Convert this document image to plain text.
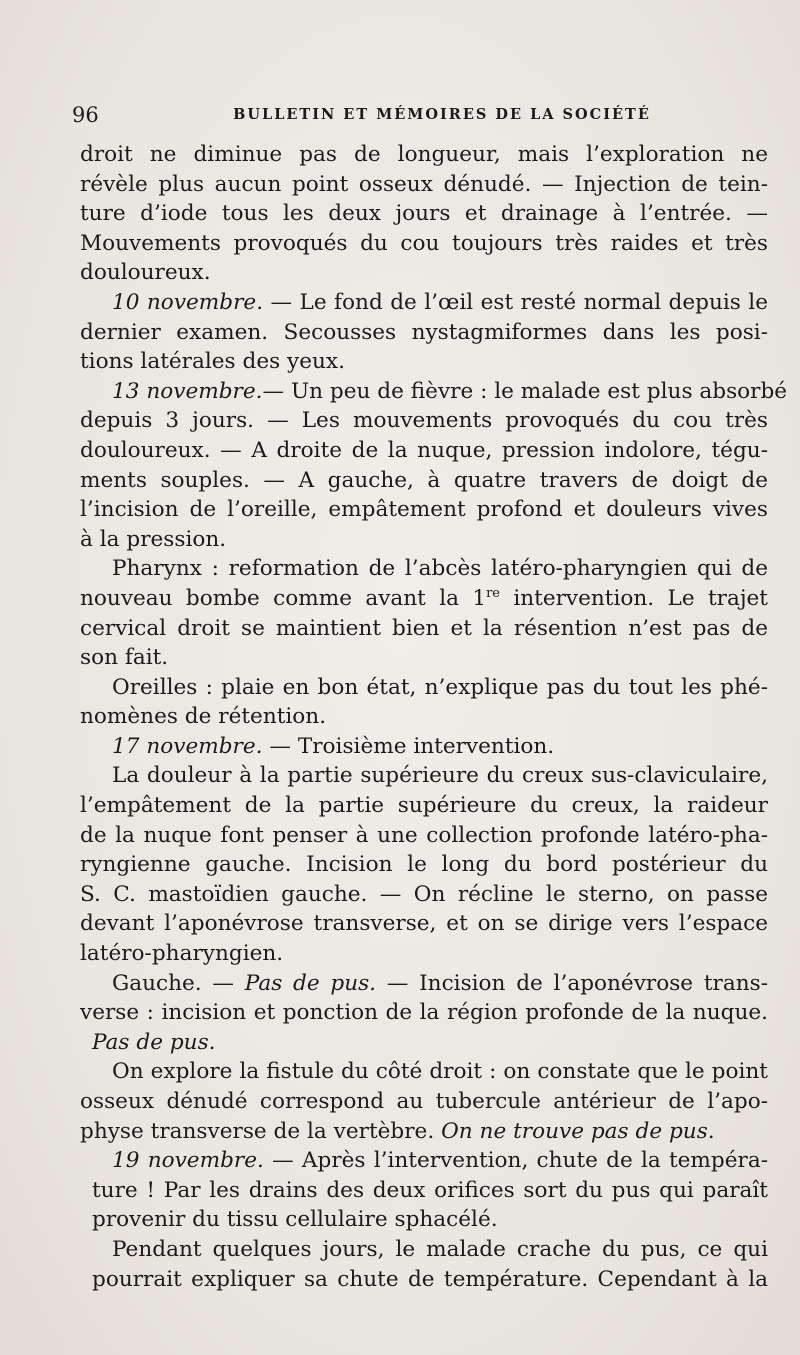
96	BULLETIN ET MÉMOIRES DE LA SOCIÉTÉ
droit ne diminue pas de longueur, mais l’exploration ne
révèle plus aucun point osseux dénudé. — Injection de tein-
ture d’iode tous les deux jours et drainage à l’entrée. —
Mouvements provoqués du cou toujours très raides et très
douloureux.
10 novembre. — Le fond de l’œil est resté normal depuis le
dernier examen. Secousses nystagmiformes dans les posi-
tions latérales des yeux.
13 novembre.— Un peu de fièvre : le malade est plus absorbé
depuis 3 jours. — Les mouvements provoqués du cou très
douloureux. — A droite de la nuque, pression indolore, tégu-
ments souples. — A gauche, à quatre travers de doigt de
l’incision de l’oreille, empâtement profond et douleurs vives
à la pression.
Pharynx : reformation de l’abcès latéro-pharyngien qui de
nouveau bombe comme avant la 1re intervention. Le trajet
cervical droit se maintient bien et la résention n’est pas de
son fait.
Oreilles : plaie en bon état, n’explique pas du tout les phé-
nomènes de rétention.
17 novembre. — Troisième intervention.
La douleur à la partie supérieure du creux sus-claviculaire,
l’empâtement de la partie supérieure du creux, la raideur
de la nuque font penser à une collection profonde latéro-pha-
ryngienne gauche. Incision le long du bord postérieur du
S. C. mastoïdien gauche. — On récline le sterno, on passe
devant l’aponévrose transverse, et on se dirige vers l’espace
latéro-pharyngien.
Gauche. — Pas de pus. — Incision de l’aponévrose trans-
verse : incision et ponction de la région profonde de la nuque.
Pas de pus.
On explore la fistule du côté droit : on constate que le point
osseux dénudé correspond au tubercule antérieur de l’apo-
physe transverse de la vertèbre. On ne trouve pas de pus.
19 novembre. — Après l’intervention, chute de la tempéra-
ture ! Par les drains des deux orifices sort du pus qui paraît
provenir du tissu cellulaire sphacélé.
Pendant quelques jours, le malade crache du pus, ce qui
pourrait expliquer sa chute de température. Cependant à la
